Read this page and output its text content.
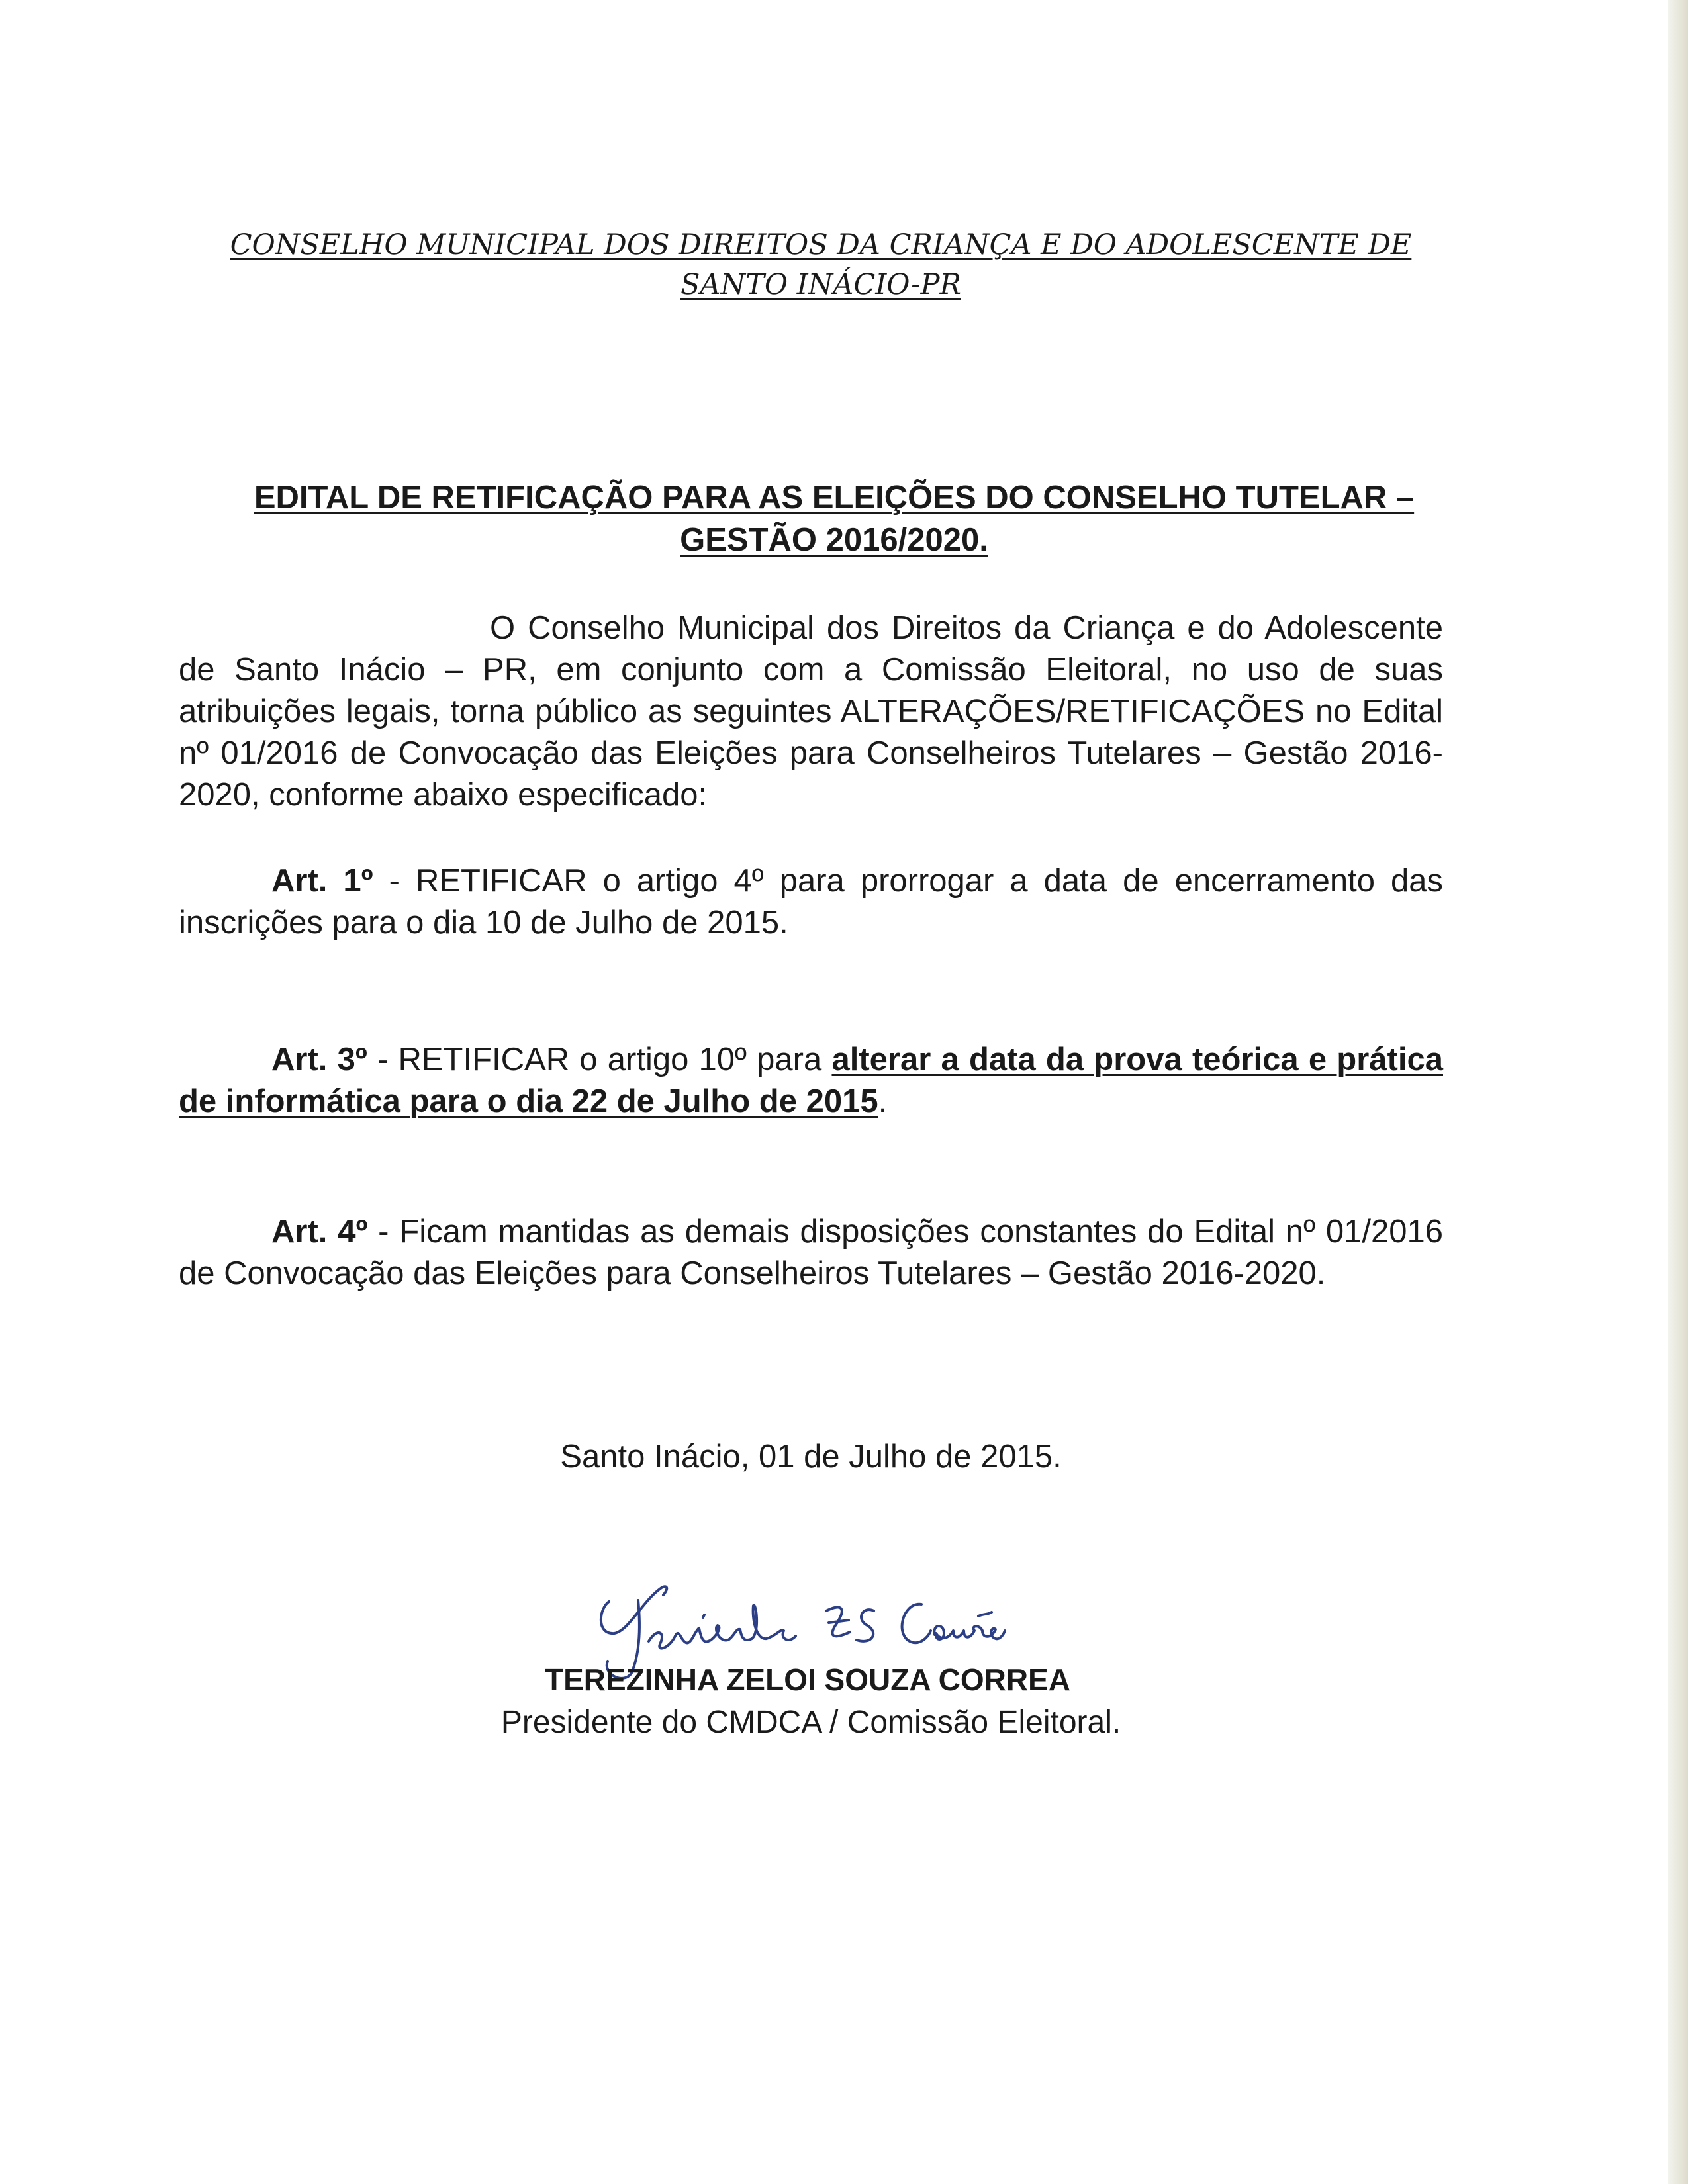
CONSELHO MUNICIPAL DOS DIREITOS DA CRIANÇA E DO ADOLESCENTE DE
SANTO INÁCIO-PR
EDITAL DE RETIFICAÇÃO PARA AS ELEIÇÕES DO CONSELHO TUTELAR –
GESTÃO 2016/2020.

O Conselho Municipal dos Direitos da Criança e do Adolescente de Santo Inácio – PR, em conjunto com a Comissão Eleitoral, no uso de suas atribuições legais, torna público as seguintes ALTERAÇÕES/RETIFICAÇÕES no Edital nº 01/2016 de Convocação das Eleições para Conselheiros Tutelares – Gestão 2016-2020, conforme abaixo especificado:

Art. 1º - RETIFICAR o artigo 4º para prorrogar a data de encerramento das inscrições para o dia 10 de Julho de 2015.

Art. 3º - RETIFICAR o artigo 10º para alterar a data da prova teórica e prática de informática para o dia 22 de Julho de 2015.

Art. 4º - Ficam mantidas as demais disposições constantes do Edital nº 01/2016 de Convocação das Eleições para Conselheiros Tutelares – Gestão 2016-2020.

Santo Inácio, 01 de Julho de 2015.
TEREZINHA ZELOI SOUZA CORREA
Presidente do CMDCA / Comissão Eleitoral.
